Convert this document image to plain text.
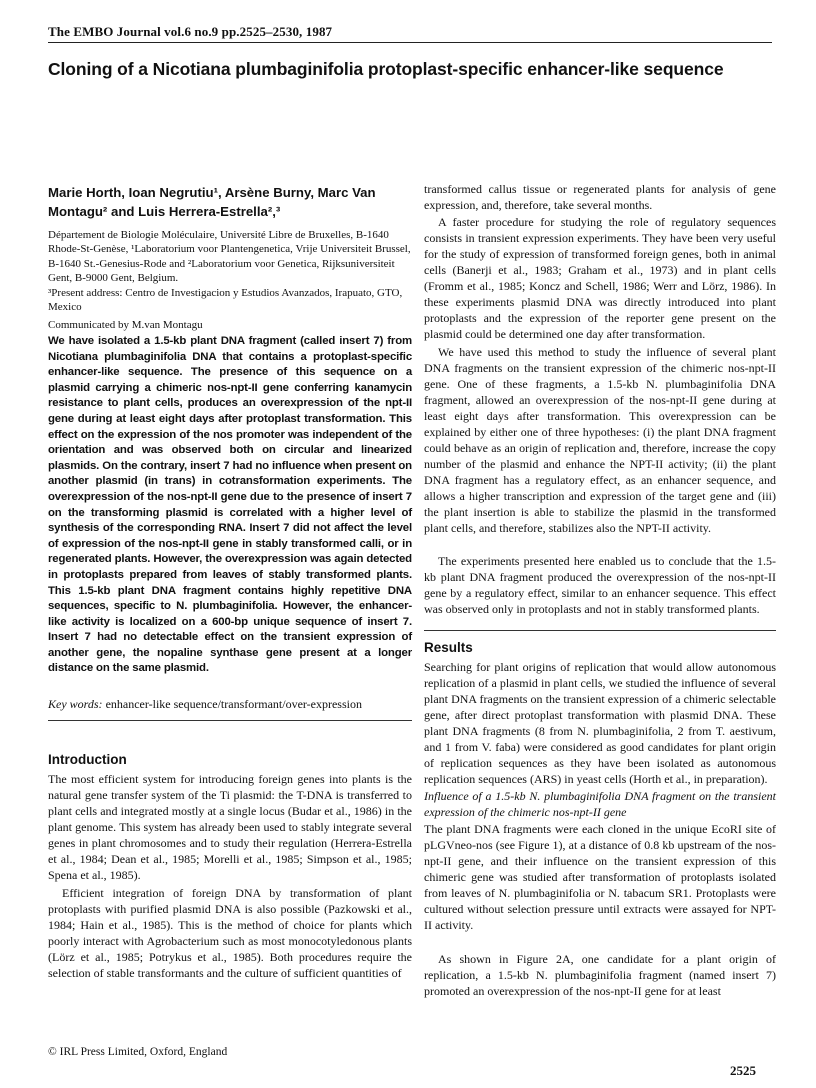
The EMBO Journal vol.6 no.9 pp.2525–2530, 1987
Cloning of a Nicotiana plumbaginifolia protoplast-specific enhancer-like sequence
Marie Horth, Ioan Negrutiu¹, Arsène Burny, Marc Van Montagu² and Luis Herrera-Estrella²,³
Département de Biologie Moléculaire, Université Libre de Bruxelles, B-1640 Rhode-St-Genèse, ¹Laboratorium voor Plantengenetica, Vrije Universiteit Brussel, B-1640 St.-Genesius-Rode and ²Laboratorium voor Genetica, Rijksuniversiteit Gent, B-9000 Gent, Belgium.
³Present address: Centro de Investigacion y Estudios Avanzados, Irapuato, GTO, Mexico
Communicated by M.van Montagu
We have isolated a 1.5-kb plant DNA fragment (called insert 7) from Nicotiana plumbaginifolia DNA that contains a protoplast-specific enhancer-like sequence. The presence of this sequence on a plasmid carrying a chimeric nos-npt-II gene conferring kanamycin resistance to plant cells, produces an overexpression of the npt-II gene during at least eight days after protoplast transformation. This effect on the expression of the nos promoter was independent of the orientation and was observed both on circular and linearized plasmids. On the contrary, insert 7 had no influence when present on another plasmid (in trans) in cotransformation experiments. The overexpression of the nos-npt-II gene due to the presence of insert 7 on the transforming plasmid is correlated with a higher level of synthesis of the corresponding RNA. Insert 7 did not affect the level of expression of the nos-npt-II gene in stably transformed calli, or in regenerated plants. However, the overexpression was again detected in protoplasts prepared from leaves of stably transformed plants. This 1.5-kb plant DNA fragment contains highly repetitive DNA sequences, specific to N. plumbaginifolia. However, the enhancer-like activity is localized on a 600-bp unique sequence of insert 7. Insert 7 had no detectable effect on the transient expression of another gene, the nopaline synthase gene present at a longer distance on the same plasmid.
Key words: enhancer-like sequence/transformant/over-expression
Introduction

The most efficient system for introducing foreign genes into plants is the natural gene transfer system of the Ti plasmid: the T-DNA is transferred to plant cells and integrated mostly at a single locus (Budar et al., 1986) in the plant genome. This system has already been used to stably integrate several genes in plant chromosomes and to study their regulation (Herrera-Estrella et al., 1984; Dean et al., 1985; Morelli et al., 1985; Simpson et al., 1985; Spena et al., 1985).

Efficient integration of foreign DNA by transformation of plant protoplasts with purified plasmid DNA is also possible (Pazkowski et al., 1984; Hain et al., 1985). This is the method of choice for plants which poorly interact with Agrobacterium such as most monocotyledonous plants (Lörz et al., 1985; Potrykus et al., 1985). Both procedures require the selection of stable transformants and the culture of sufficient quantities of

transformed callus tissue or regenerated plants for analysis of gene expression, and, therefore, take several months.

A faster procedure for studying the role of regulatory sequences consists in transient expression experiments. They have been very useful for the study of expression of transformed foreign genes, both in animal cells (Banerji et al., 1983; Graham et al., 1973) and in plant cells (Fromm et al., 1985; Koncz and Schell, 1986; Werr and Lörz, 1986). In these experiments plasmid DNA was directly introduced into plant protoplasts and the expression of the reporter gene present on the plasmid could be determined one day after transformation.

We have used this method to study the influence of several plant DNA fragments on the transient expression of the chimeric nos-npt-II gene. One of these fragments, a 1.5-kb N. plumbaginifolia DNA fragment, allowed an overexpression of the nos-npt-II gene during at least eight days after transformation. This overexpression can be explained by either one of three hypotheses: (i) the plant DNA fragment could behave as an origin of replication and, therefore, increase the copy number of the plasmid and enhance the NPT-II activity; (ii) the plant DNA fragment has a regulatory effect, as an enhancer sequence, and allows a higher transcription and expression of the target gene and (iii) the plant insertion is able to stabilize the plasmid in the transformed plant cells, and therefore, stabilizes also the NPT-II activity.

The experiments presented here enabled us to conclude that the 1.5-kb plant DNA fragment produced the overexpression of the nos-npt-II gene by a regulatory effect, similar to an enhancer sequence. This effect was observed only in protoplasts and not in stably transformed plants.

Results

Searching for plant origins of replication that would allow autonomous replication of a plasmid in plant cells, we studied the influence of several plant DNA fragments on the transient expression of a chimeric selectable gene, after direct protoplast transformation with plasmid DNA. These plant DNA fragments (8 from N. plumbaginifolia, 2 from T. aestivum, and 1 from V. faba) were considered as good candidates for plant origin of replication sequences as they have been isolated as autonomous replication sequences (ARS) in yeast cells (Horth et al., in preparation).

Influence of a 1.5-kb N. plumbaginifolia DNA fragment on the transient expression of the chimeric nos-npt-II gene

The plant DNA fragments were each cloned in the unique EcoRI site of pLGVneo-nos (see Figure 1), at a distance of 0.8 kb upstream of the nos-npt-II gene, and their influence on the transient expression of this chimeric gene was studied after transformation of protoplasts isolated from leaves of N. plumbaginifolia or N. tabacum SR1. Protoplasts were cultured without selection pressure until extracts were assayed for NPT-II activity.

As shown in Figure 2A, one candidate for a plant origin of replication, a 1.5-kb N. plumbaginifolia fragment (named insert 7) promoted an overexpression of the nos-npt-II gene for at least

© IRL Press Limited, Oxford, England
2525
